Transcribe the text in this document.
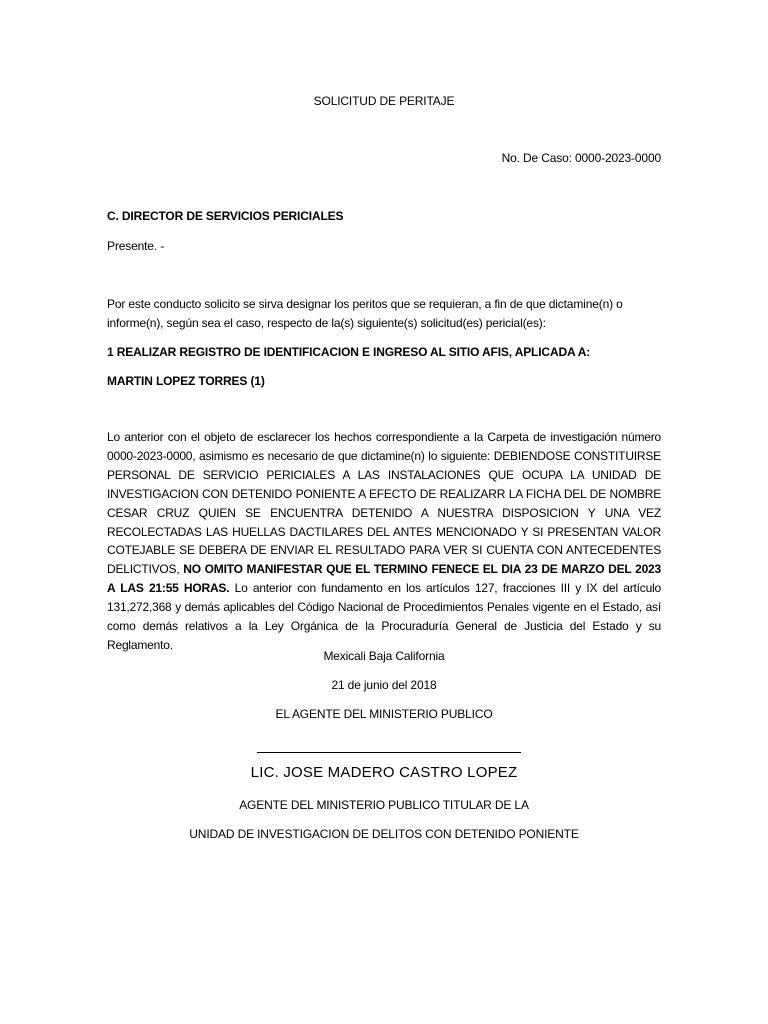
SOLICITUD DE PERITAJE
No. De Caso: 0000-2023-0000
C. DIRECTOR DE SERVICIOS PERICIALES
Presente. -
Por este conducto solicito se sirva designar los peritos que se requieran, a fin de que dictamine(n) o
informe(n), según sea el caso, respecto de la(s) siguiente(s) solicitud(es) pericial(es):
1 REALIZAR REGISTRO DE IDENTIFICACION E INGRESO AL SITIO AFIS, APLICADA A:
MARTIN LOPEZ TORRES (1)

Lo anterior con el objeto de esclarecer los hechos correspondiente a la Carpeta de investigación número 0000-2023-0000, asimismo es necesario de que dictamine(n) lo siguiente: DEBIENDOSE CONSTITUIRSE PERSONAL DE SERVICIO PERICIALES A LAS INSTALACIONES QUE OCUPA LA UNIDAD DE INVESTIGACION CON DETENIDO PONIENTE A EFECTO DE REALIZARR LA FICHA DEL DE NOMBRE CESAR CRUZ QUIEN SE ENCUENTRA DETENIDO A NUESTRA DISPOSICION Y UNA VEZ RECOLECTADAS LAS HUELLAS DACTILARES DEL ANTES MENCIONADO Y SI PRESENTAN VALOR COTEJABLE SE DEBERA DE ENVIAR EL RESULTADO PARA VER SI CUENTA CON ANTECEDENTES DELICTIVOS, NO OMITO MANIFESTAR QUE EL TERMINO FENECE EL DIA 23 DE MARZO DEL 2023 A LAS 21:55 HORAS. Lo anterior con fundamento en los artículos 127, fracciones III y IX del artículo 131,272,368 y demás aplicables del Código Nacional de Procedimientos Penales vigente en el Estado, así como demás relativos a la Ley Orgánica de la Procuraduría General de Justicia del Estado y su Reglamento.

Mexicali Baja California
21 de junio del 2018
EL AGENTE DEL MINISTERIO PUBLICO
LIC. JOSE MADERO CASTRO LOPEZ
AGENTE DEL MINISTERIO PUBLICO TITULAR DE LA
UNIDAD DE INVESTIGACION DE DELITOS CON DETENIDO PONIENTE
